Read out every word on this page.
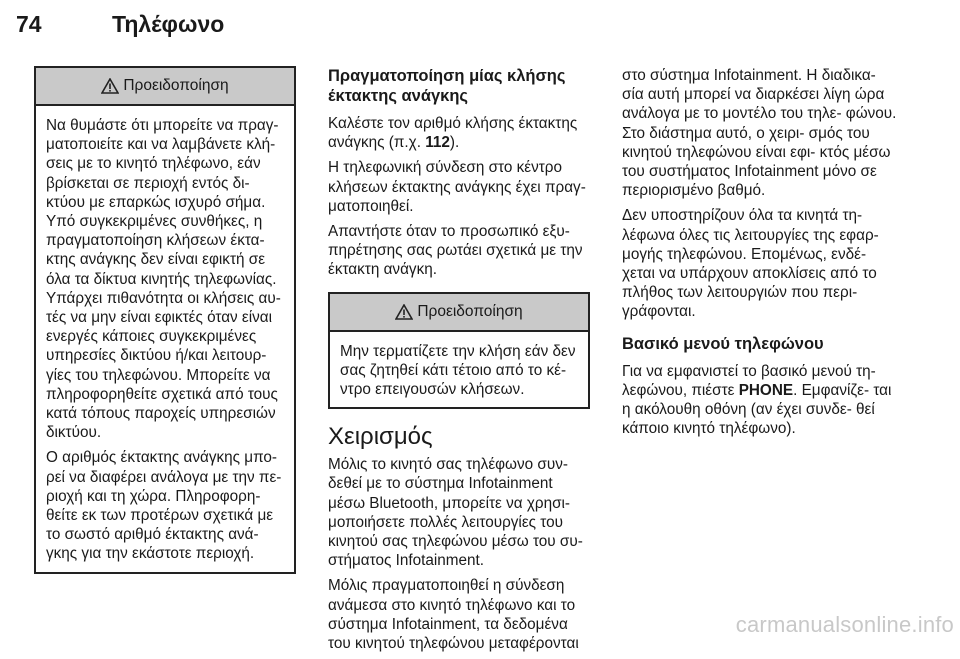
74	Τηλέφωνο
Προειδοποίηση

Να θυμάστε ότι μπορείτε να πραγ- ματοποιείτε και να λαμβάνετε κλή- σεις με το κινητό τηλέφωνο, εάν βρίσκεται σε περιοχή εντός δι- κτύου με επαρκώς ισχυρό σήμα. Υπό συγκεκριμένες συνθήκες, η πραγματοποίηση κλήσεων έκτα- κτης ανάγκης δεν είναι εφικτή σε όλα τα δίκτυα κινητής τηλεφωνίας. Υπάρχει πιθανότητα οι κλήσεις αυ- τές να μην είναι εφικτές όταν είναι ενεργές κάποιες συγκεκριμένες υπηρεσίες δικτύου ή/και λειτουρ- γίες του τηλεφώνου. Μπορείτε να πληροφορηθείτε σχετικά από τους κατά τόπους παροχείς υπηρεσιών δικτύου.

Ο αριθμός έκτακτης ανάγκης μπο- ρεί να διαφέρει ανάλογα με την πε- ριοχή και τη χώρα. Πληροφορη- θείτε εκ των προτέρων σχετικά με το σωστό αριθμό έκτακτης ανά- γκης για την εκάστοτε περιοχή.

Πραγματοποίηση μίας κλήσης έκτακτης ανάγκης

Καλέστε τον αριθμό κλήσης έκτακτης ανάγκης (π.χ. 112).

Η τηλεφωνική σύνδεση στο κέντρο κλήσεων έκτακτης ανάγκης έχει πραγ- ματοποιηθεί.

Απαντήστε όταν το προσωπικό εξυ- πηρέτησης σας ρωτάει σχετικά με την έκτακτη ανάγκη.

Προειδοποίηση

Μην τερματίζετε την κλήση εάν δεν σας ζητηθεί κάτι τέτοιο από το κέ- ντρο επειγουσών κλήσεων.

Χειρισμός

Μόλις το κινητό σας τηλέφωνο συν- δεθεί με το σύστημα Infotainment μέσω Bluetooth, μπορείτε να χρησι- μοποιήσετε πολλές λειτουργίες του κινητού σας τηλεφώνου μέσω του συ- στήματος Infotainment.

Μόλις πραγματοποιηθεί η σύνδεση ανάμεσα στο κινητό τηλέφωνο και το σύστημα Infotainment, τα δεδομένα του κινητού τηλεφώνου μεταφέρονται

στο σύστημα Infotainment. Η διαδικα- σία αυτή μπορεί να διαρκέσει λίγη ώρα ανάλογα με το μοντέλο του τηλε- φώνου. Στο διάστημα αυτό, ο χειρι- σμός του κινητού τηλεφώνου είναι εφι- κτός μέσω του συστήματος Infotainment μόνο σε περιορισμένο βαθμό.

Δεν υποστηρίζουν όλα τα κινητά τη- λέφωνα όλες τις λειτουργίες της εφαρ- μογής τηλεφώνου. Επομένως, ενδέ- χεται να υπάρχουν αποκλίσεις από το πλήθος των λειτουργιών που περι- γράφονται.

Βασικό μενού τηλεφώνου

Για να εμφανιστεί το βασικό μενού τη- λεφώνου, πιέστε PHONE. Εμφανίζε- ται η ακόλουθη οθόνη (αν έχει συνδε- θεί κάποιο κινητό τηλέφωνο).

carmanualsonline.info
